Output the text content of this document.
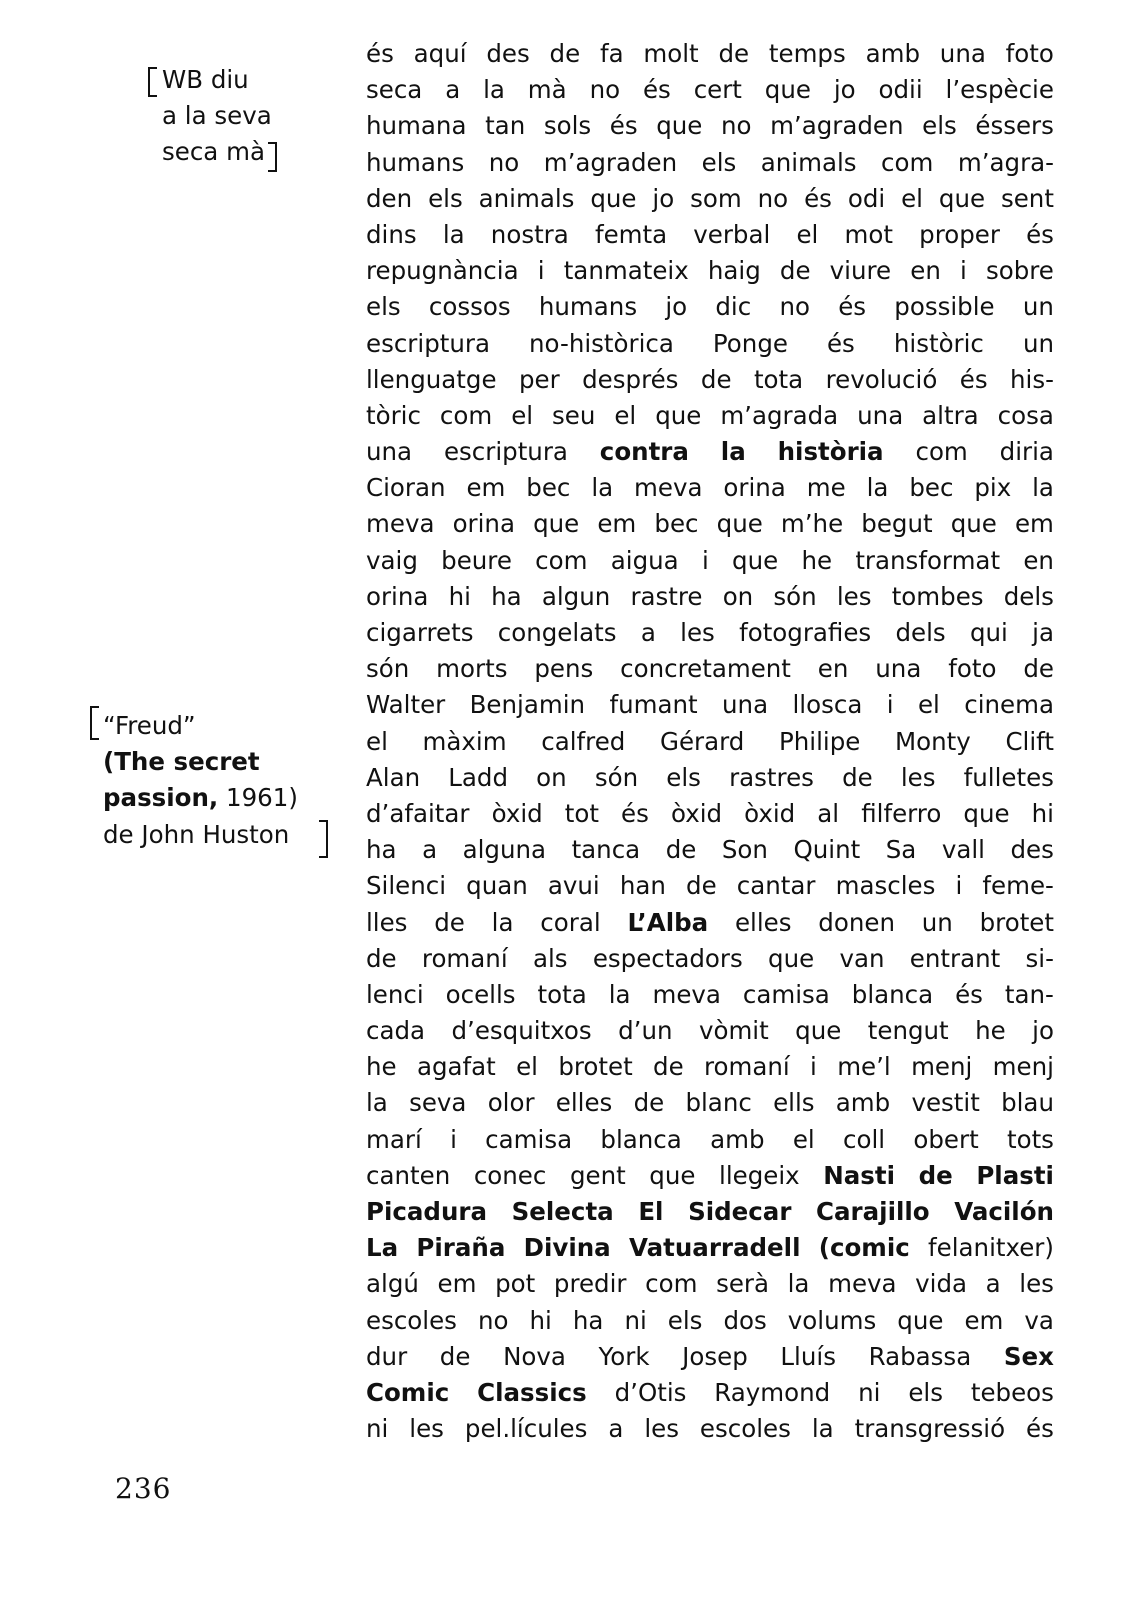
és aquí des de fa molt de temps amb una foto
seca a la mà no és cert que jo odii l’espècie
humana tan sols és que no m’agraden els éssers
humans no m’agraden els animals com m’agra-
den els animals que jo som no és odi el que sent
dins la nostra femta verbal el mot proper és
repugnància i tanmateix haig de viure en i sobre
els cossos humans jo dic no és possible un
escriptura no-històrica Ponge és històric un
llenguatge per després de tota revolució és his-
tòric com el seu el que m’agrada una altra cosa
una escriptura contra la història com diria
Cioran em bec la meva orina me la bec pix la
meva orina que em bec que m’he begut que em
vaig beure com aigua i que he transformat en
orina hi ha algun rastre on són les tombes dels
cigarrets congelats a les fotografies dels qui ja
són morts pens concretament en una foto de
Walter Benjamin fumant una llosca i el cinema
el màxim calfred Gérard Philipe Monty Clift
Alan Ladd on són els rastres de les fulletes
d’afaitar òxid tot és òxid òxid al filferro que hi
ha a alguna tanca de Son Quint Sa vall des
Silenci quan avui han de cantar mascles i feme-
lles de la coral L’Alba elles donen un brotet
de romaní als espectadors que van entrant si-
lenci ocells tota la meva camisa blanca és tan-
cada d’esquitxos d’un vòmit que tengut he jo
he agafat el brotet de romaní i me’l menj menj
la seva olor elles de blanc ells amb vestit blau
marí i camisa blanca amb el coll obert tots
canten conec gent que llegeix Nasti de Plasti
Picadura Selecta El Sidecar Carajillo Vacilón
La Piraña Divina Vatuarradell (comic felanitxer)
algú em pot predir com serà la meva vida a les
escoles no hi ha ni els dos volums que em va
dur de Nova York Josep Lluís Rabassa Sex
Comic Classics d’Otis Raymond ni els tebeos
ni les pel.lícules a les escoles la transgressió és
WB diu
a la seva
seca mà
“Freud”
(The secret
passion, 1961)
de John Huston
236
